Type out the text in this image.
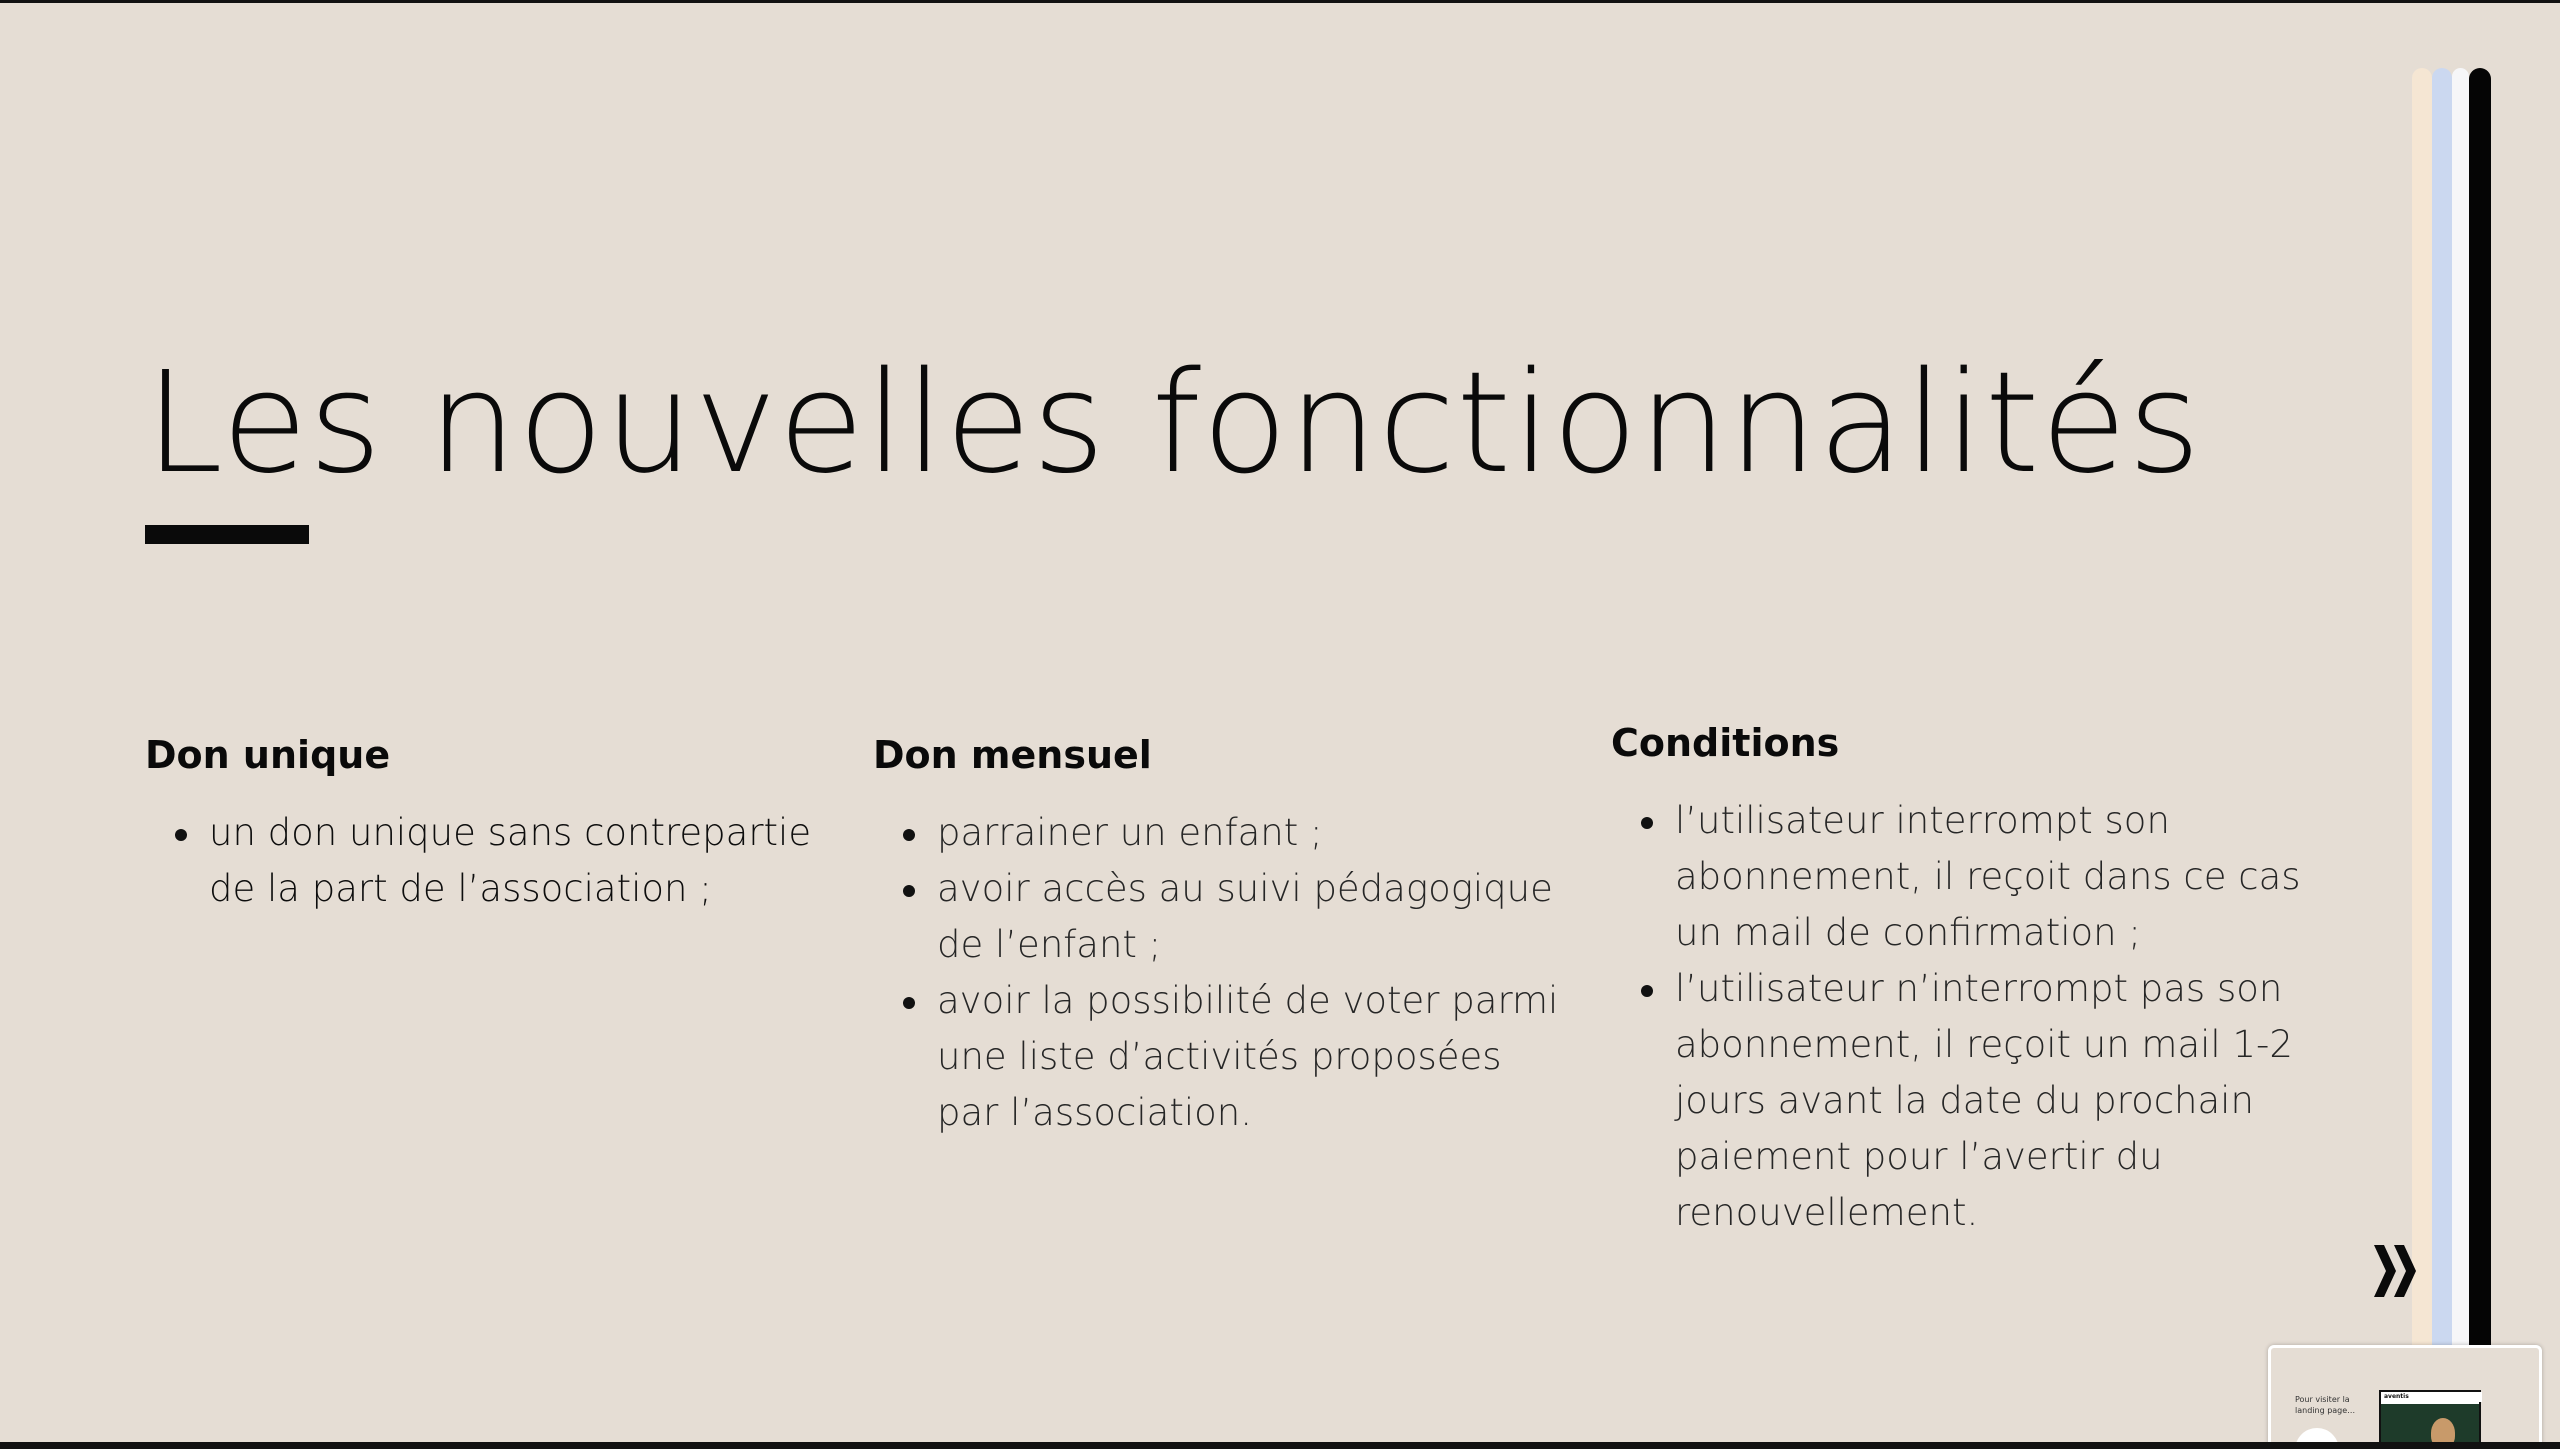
Les nouvelles fonctionnalités
Don unique
un don unique sans contrepartie de la part de l’association ;
Don mensuel
parrainer un enfant ;
avoir accès au suivi pédagogique de l’enfant ;
avoir la possibilité de voter parmi une liste d’activités proposées par l’association.
Conditions
l’utilisateur interrompt son abonnement, il reçoit dans ce cas un mail de confirmation ;
l’utilisateur n’interrompt pas son abonnement, il reçoit un mail 1-2 jours avant la date du prochain paiement pour l’avertir du renouvellement.
Pour visiter la landing page…
aventis
